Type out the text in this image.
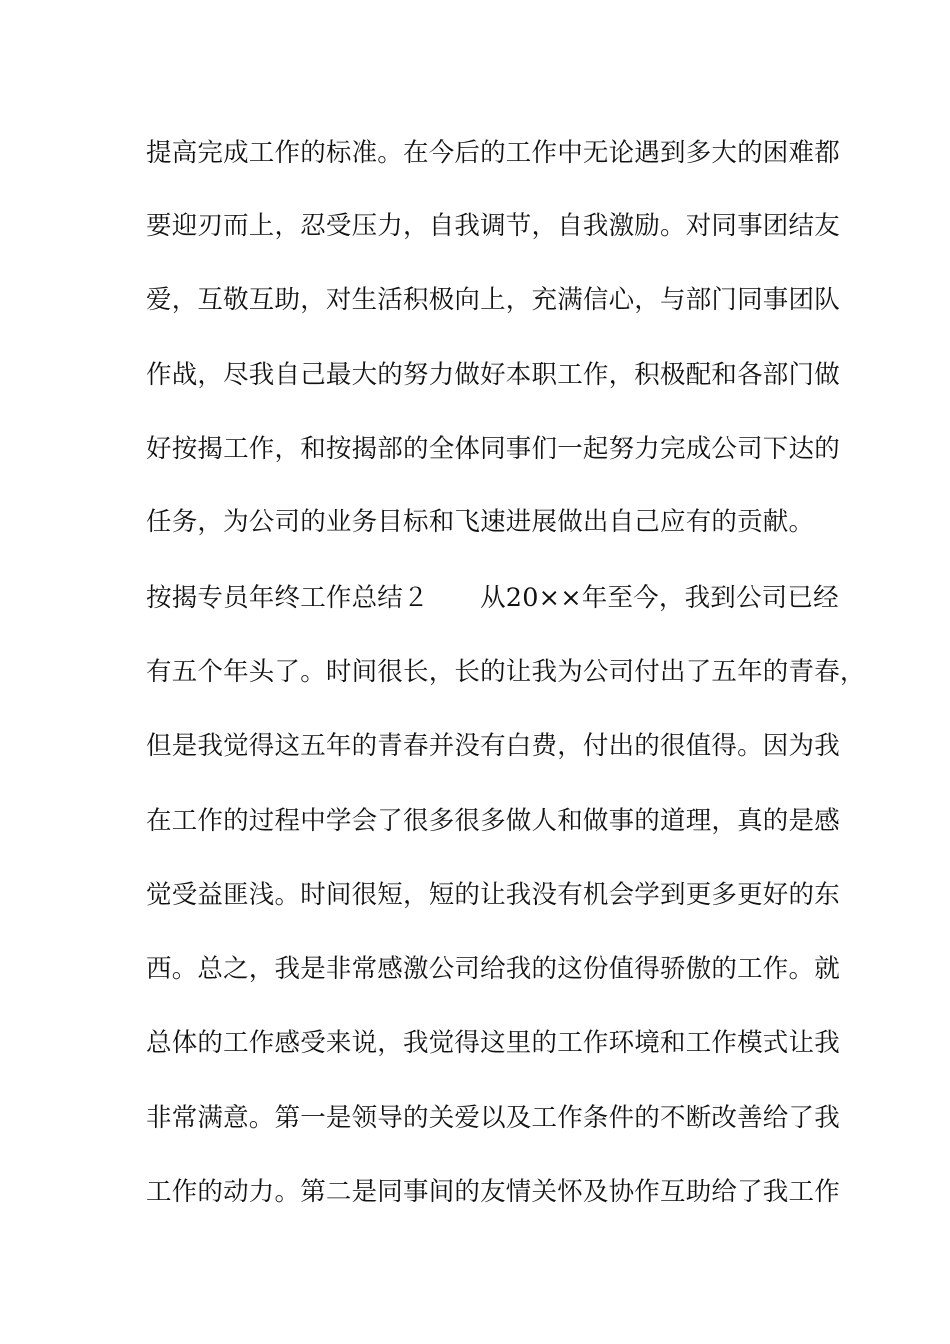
提高完成工作的标准。在今后的工作中无论遇到多大的困难都

要迎刃而上，忍受压力，自我调节，自我激励。对同事团结友

爱，互敬互助，对生活积极向上，充满信心，与部门同事团队

作战，尽我自己最大的努力做好本职工作，积极配和各部门做

好按揭工作，和按揭部的全体同事们一起努力完成公司下达的

任务，为公司的业务目标和飞速进展做出自己应有的贡献。

按揭专员年终工作总结２　　从20××年至今，我到公司已经

有五个年头了。时间很长，长的让我为公司付出了五年的青春，

但是我觉得这五年的青春并没有白费，付出的很值得。因为我

在工作的过程中学会了很多很多做人和做事的道理，真的是感

觉受益匪浅。时间很短，短的让我没有机会学到更多更好的东

西。总之，我是非常感激公司给我的这份值得骄傲的工作。就

总体的工作感受来说，我觉得这里的工作环境和工作模式让我

非常满意。第一是领导的关爱以及工作条件的不断改善给了我

工作的动力。第二是同事间的友情关怀及协作互助给了我工作
